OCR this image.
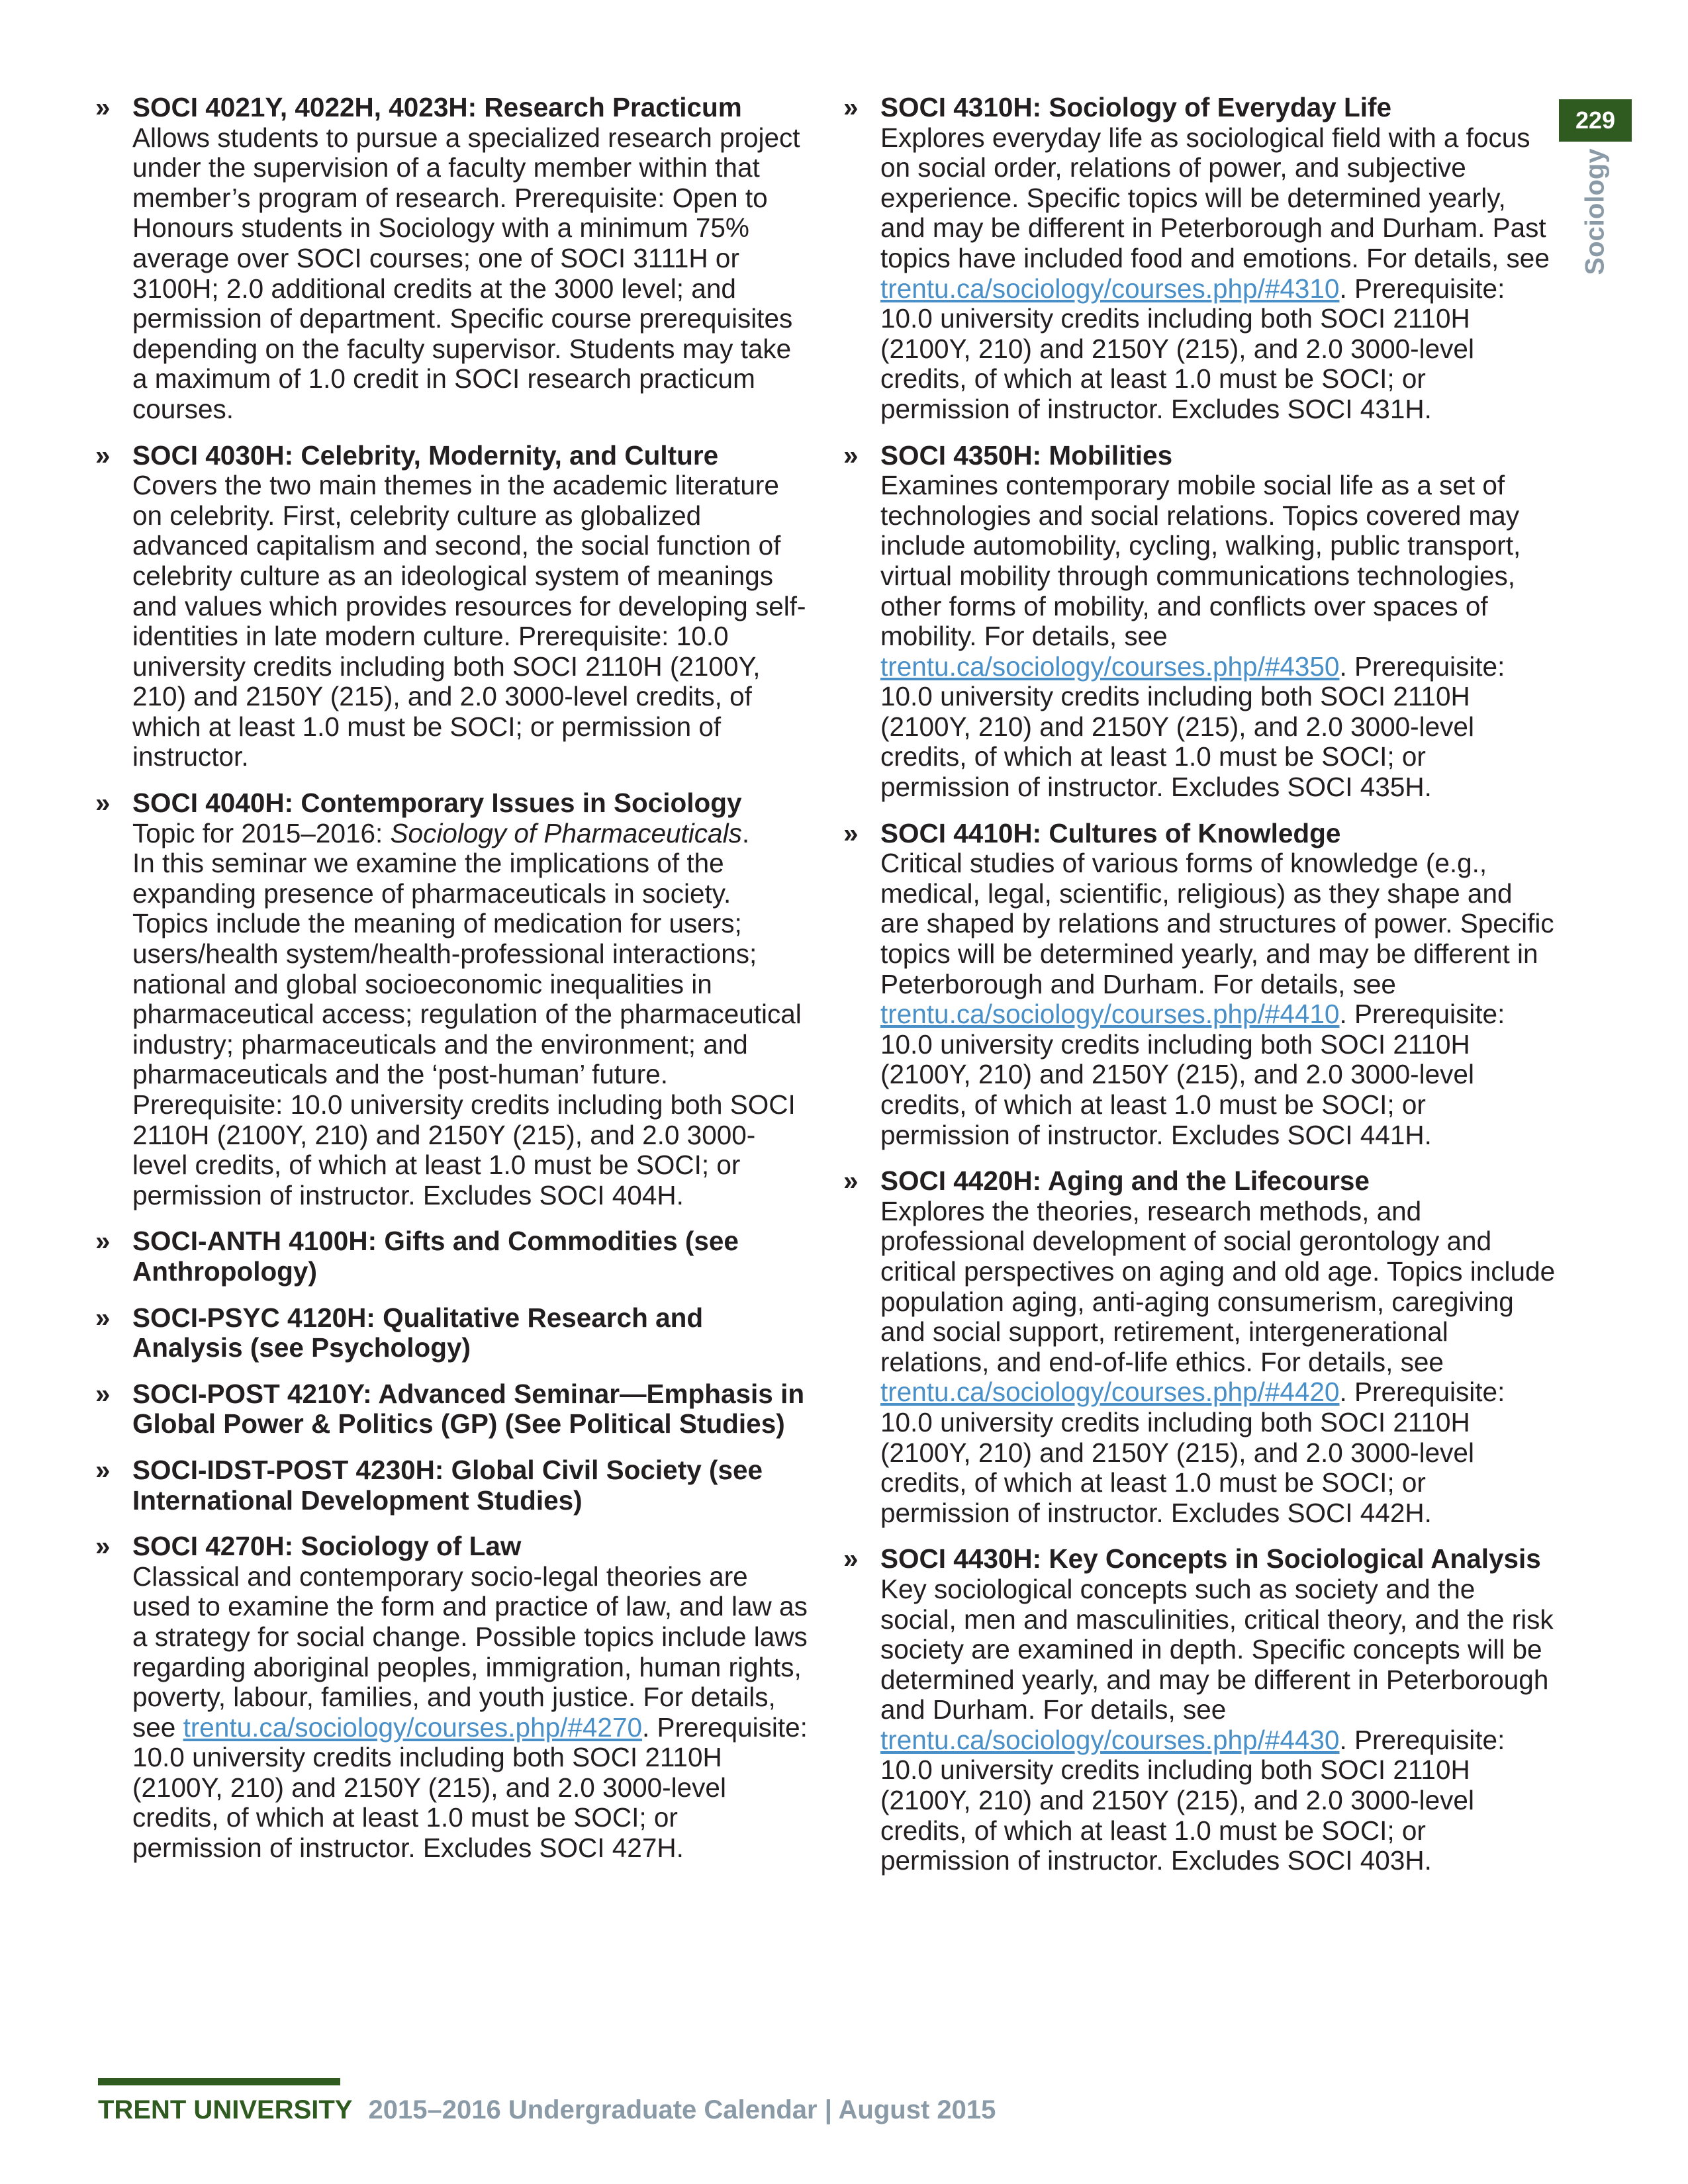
229
Sociology
» SOCI 4021Y, 4022H, 4023H: Research Practicum
Allows students to pursue a specialized research project under the supervision of a faculty member within that member’s program of research. Prerequisite: Open to Honours students in Sociology with a minimum 75% average over SOCI courses; one of SOCI 3111H or 3100H; 2.0 additional credits at the 3000 level; and permission of department. Specific course prerequisites depending on the faculty supervisor. Students may take a maximum of 1.0 credit in SOCI research practicum courses.
» SOCI 4030H: Celebrity, Modernity, and Culture
Covers the two main themes in the academic literature on celebrity. First, celebrity culture as globalized advanced capitalism and second, the social function of celebrity culture as an ideological system of meanings and values which provides resources for developing self-identities in late modern culture. Prerequisite: 10.0 university credits including both SOCI 2110H (2100Y, 210) and 2150Y (215), and 2.0 3000-level credits, of which at least 1.0 must be SOCI; or permission of instructor.
» SOCI 4040H: Contemporary Issues in Sociology
Topic for 2015–2016: Sociology of Pharmaceuticals.
In this seminar we examine the implications of the expanding presence of pharmaceuticals in society. Topics include the meaning of medication for users; users/health system/health-professional interactions; national and global socioeconomic inequalities in pharmaceutical access; regulation of the pharmaceutical industry; pharmaceuticals and the environment; and pharmaceuticals and the ‘post-human’ future. Prerequisite: 10.0 university credits including both SOCI 2110H (2100Y, 210) and 2150Y (215), and 2.0 3000-level credits, of which at least 1.0 must be SOCI; or permission of instructor. Excludes SOCI 404H.
» SOCI-ANTH 4100H: Gifts and Commodities (see Anthropology)
» SOCI-PSYC 4120H: Qualitative Research and Analysis (see Psychology)
» SOCI-POST 4210Y: Advanced Seminar—Emphasis in Global Power & Politics (GP) (See Political Studies)
» SOCI-IDST-POST 4230H: Global Civil Society (see International Development Studies)
» SOCI 4270H: Sociology of Law
Classical and contemporary socio-legal theories are used to examine the form and practice of law, and law as a strategy for social change. Possible topics include laws regarding aboriginal peoples, immigration, human rights, poverty, labour, families, and youth justice. For details, see trentu.ca/sociology/courses.php/#4270. Prerequisite: 10.0 university credits including both SOCI 2110H (2100Y, 210) and 2150Y (215), and 2.0 3000-level credits, of which at least 1.0 must be SOCI; or permission of instructor. Excludes SOCI 427H.
» SOCI 4310H: Sociology of Everyday Life
Explores everyday life as sociological field with a focus on social order, relations of power, and subjective experience. Specific topics will be determined yearly, and may be different in Peterborough and Durham. Past topics have included food and emotions. For details, see trentu.ca/sociology/courses.php/#4310. Prerequisite: 10.0 university credits including both SOCI 2110H (2100Y, 210) and 2150Y (215), and 2.0 3000-level credits, of which at least 1.0 must be SOCI; or permission of instructor. Excludes SOCI 431H.
» SOCI 4350H: Mobilities
Examines contemporary mobile social life as a set of technologies and social relations. Topics covered may include automobility, cycling, walking, public transport, virtual mobility through communications technologies, other forms of mobility, and conflicts over spaces of mobility. For details, see trentu.ca/sociology/courses.php/#4350. Prerequisite: 10.0 university credits including both SOCI 2110H (2100Y, 210) and 2150Y (215), and 2.0 3000-level credits, of which at least 1.0 must be SOCI; or permission of instructor. Excludes SOCI 435H.
» SOCI 4410H: Cultures of Knowledge
Critical studies of various forms of knowledge (e.g., medical, legal, scientific, religious) as they shape and are shaped by relations and structures of power. Specific topics will be determined yearly, and may be different in Peterborough and Durham. For details, see trentu.ca/sociology/courses.php/#4410. Prerequisite: 10.0 university credits including both SOCI 2110H (2100Y, 210) and 2150Y (215), and 2.0 3000-level credits, of which at least 1.0 must be SOCI; or permission of instructor. Excludes SOCI 441H.
» SOCI 4420H: Aging and the Lifecourse
Explores the theories, research methods, and professional development of social gerontology and critical perspectives on aging and old age. Topics include population aging, anti-aging consumerism, caregiving and social support, retirement, intergenerational relations, and end-of-life ethics. For details, see trentu.ca/sociology/courses.php/#4420. Prerequisite: 10.0 university credits including both SOCI 2110H (2100Y, 210) and 2150Y (215), and 2.0 3000-level credits, of which at least 1.0 must be SOCI; or permission of instructor. Excludes SOCI 442H.
» SOCI 4430H: Key Concepts in Sociological Analysis
Key sociological concepts such as society and the social, men and masculinities, critical theory, and the risk society are examined in depth. Specific concepts will be determined yearly, and may be different in Peterborough and Durham. For details, see trentu.ca/sociology/courses.php/#4430. Prerequisite: 10.0 university credits including both SOCI 2110H (2100Y, 210) and 2150Y (215), and 2.0 3000-level credits, of which at least 1.0 must be SOCI; or permission of instructor. Excludes SOCI 403H.
TRENT UNIVERSITY 2015–2016 Undergraduate Calendar | August 2015
